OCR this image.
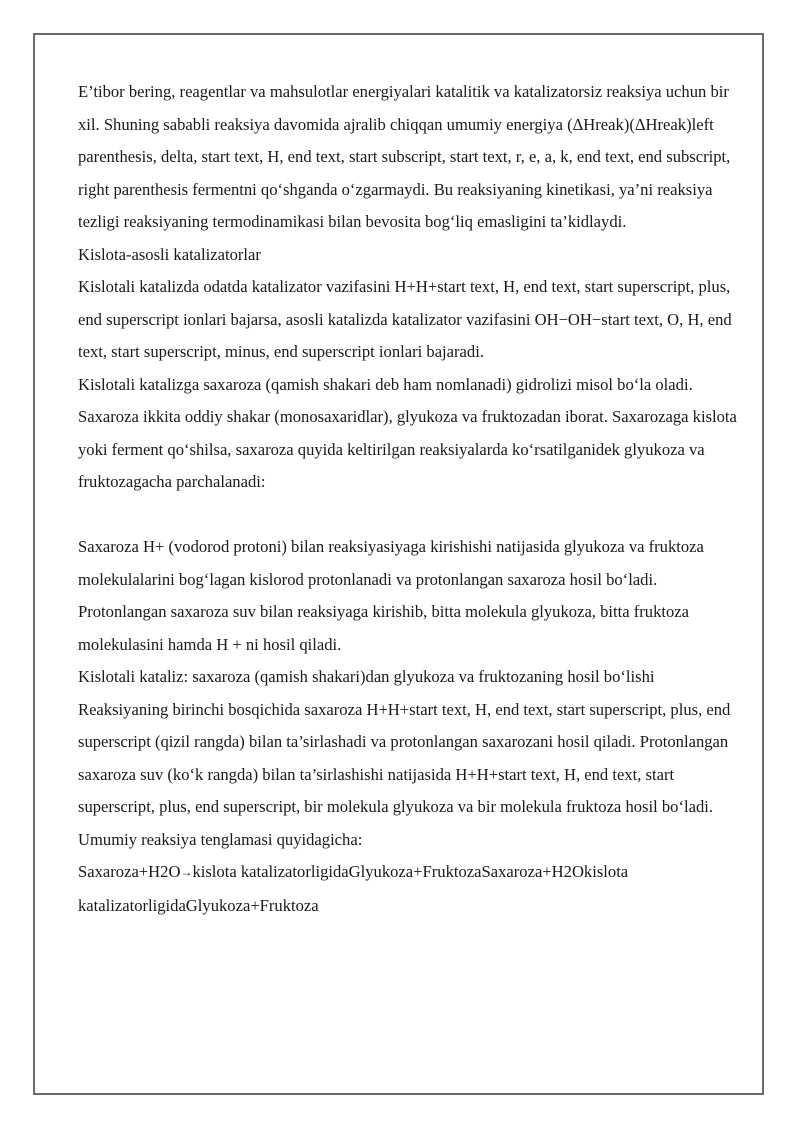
E’tibor bering, reagentlar va mahsulotlar energiyalari katalitik va katalizatorsiz reaksiya uchun bir xil. Shuning sababli reaksiya davomida ajralib chiqqan umumiy energiya (ΔHreak)(ΔHreak)left parenthesis, delta, start text, H, end text, start subscript, start text, r, e, a, k, end text, end subscript, right parenthesis fermentni qo‘shganda o‘zgarmaydi. Bu reaksiyaning kinetikasi, ya’ni reaksiya tezligi reaksiyaning termodinamikasi bilan bevosita bog‘liq emasligini ta’kidlaydi.

Kislota-asosli katalizatorlar

Kislotali katalizda odatda katalizator vazifasini H+H+start text, H, end text, start superscript, plus, end superscript ionlari bajarsa, asosli katalizda katalizator vazifasini OH−OH−start text, O, H, end text, start superscript, minus, end superscript ionlari bajaradi.

Kislotali katalizga saxaroza (qamish shakari deb ham nomlanadi) gidrolizi misol bo‘la oladi. Saxaroza ikkita oddiy shakar (monosaxaridlar), glyukoza va fruktozadan iborat. Saxarozaga kislota yoki ferment qo‘shilsa, saxaroza quyida keltirilgan reaksiyalarda ko‘rsatilganidek glyukoza va fruktozagacha parchalanadi:

Saxaroza H+ (vodorod protoni) bilan reaksiyasiyaga kirishishi natijasida glyukoza va fruktoza molekulalarini bog‘lagan kislorod protonlanadi va protonlangan saxaroza hosil bo‘ladi. Protonlangan saxaroza suv bilan reaksiyaga kirishib, bitta molekula glyukoza, bitta fruktoza molekulasini hamda H + ni hosil qiladi.

Kislotali kataliz: saxaroza (qamish shakari)dan glyukoza va fruktozaning hosil bo‘lishi

Reaksiyaning birinchi bosqichida saxaroza H+H+start text, H, end text, start superscript, plus, end superscript (qizil rangda) bilan ta’sirlashadi va protonlangan saxarozani hosil qiladi. Protonlangan saxaroza suv (ko‘k rangda) bilan ta’sirlashishi natijasida H+H+start text, H, end text, start superscript, plus, end superscript, bir molekula glyukoza va bir molekula fruktoza hosil bo‘ladi. Umumiy reaksiya tenglamasi quyidagicha:

Saxaroza+H2O→kislota katalizatorligidaGlyukoza+FruktozaSaxaroza+H2Okislota katalizatorligidaGlyukoza+Fruktoza
